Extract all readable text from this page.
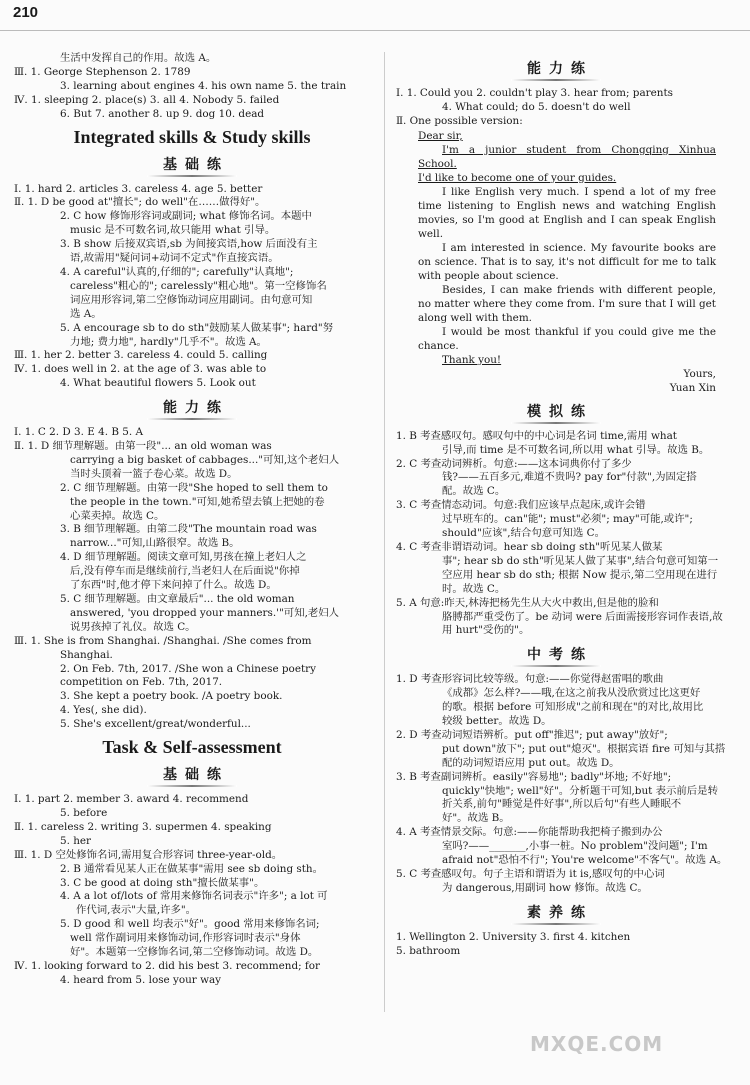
210
生活中发挥自己的作用。故选 A。
Ⅲ. 1. George Stephenson 2. 1789
3. learning about engines 4. his own name 5. the train
Ⅳ. 1. sleeping 2. place(s) 3. all 4. Nobody 5. failed
6. But 7. another 8. up 9. dog 10. dead
Integrated skills & Study skills
基础练
Ⅰ. 1. hard 2. articles 3. careless 4. age 5. better
Ⅱ. 1. D be good at"擅长"; do well"在……做得好"。
2. C how 修饰形容词或副词; what 修饰名词。本题中
music 是不可数名词,故只能用 what 引导。
3. B show 后接双宾语,sb 为间接宾语,how 后面没有主
语,故需用"疑问词+动词不定式"作直接宾语。
4. A careful"认真的,仔细的"; carefully"认真地";
careless"粗心的"; carelessly"粗心地"。第一空修饰名
词应用形容词,第二空修饰动词应用副词。由句意可知
选 A。
5. A encourage sb to do sth"鼓励某人做某事"; hard"努
力地; 费力地", hardly"几乎不"。故选 A。
Ⅲ. 1. her 2. better 3. careless 4. could 5. calling
Ⅳ. 1. does well in 2. at the age of 3. was able to
4. What beautiful flowers 5. Look out
能力练
Ⅰ. 1. C 2. D 3. E 4. B 5. A
Ⅱ. 1. D 细节理解题。由第一段"... an old woman was
carrying a big basket of cabbages..."可知,这个老妇人
当时头顶着一篮子卷心菜。故选 D。
2. C 细节理解题。由第一段"She hoped to sell them to
the people in the town."可知,她希望去镇上把她的卷
心菜卖掉。故选 C。
3. B 细节理解题。由第二段"The mountain road was
narrow..."可知,山路很窄。故选 B。
4. D 细节理解题。阅读文章可知,男孩在撞上老妇人之
后,没有停车而是继续前行,当老妇人在后面说"你掉
了东西"时,他才停下来问掉了什么。故选 D。
5. C 细节理解题。由文章最后"... the old woman
answered, 'you dropped your manners.'"可知,老妇人
说男孩掉了礼仪。故选 C。
Ⅲ. 1. She is from Shanghai. /Shanghai. /She comes from
Shanghai.
2. On Feb. 7th, 2017. /She won a Chinese poetry
competition on Feb. 7th, 2017.
3. She kept a poetry book. /A poetry book.
4. Yes(, she did).
5. She's excellent/great/wonderful...
Task & Self-assessment
基础练
Ⅰ. 1. part 2. member 3. award 4. recommend
5. before
Ⅱ. 1. careless 2. writing 3. supermen 4. speaking
5. her
Ⅲ. 1. D 空处修饰名词,需用复合形容词 three-year-old。
2. B 通常看见某人正在做某事"需用 see sb doing sth。
3. C be good at doing sth"擅长做某事"。
4. A a lot of/lots of 常用来修饰名词表示"许多"; a lot 可
作代词,表示"大量,许多"。
5. D good 和 well 均表示"好"。good 常用来修饰名词;
well 常作副词用来修饰动词,作形容词时表示"身体
好"。本题第一空修饰名词,第二空修饰动词。故选 D。
Ⅳ. 1. looking forward to 2. did his best 3. recommend; for
4. heard from 5. lose your way
能力练
Ⅰ. 1. Could you 2. couldn't play 3. hear from; parents
4. What could; do 5. doesn't do well
Ⅱ. One possible version:
Dear sir,
I'm a junior student from Chongqing Xinhua School.
I'd like to become one of your guides.
I like English very much. I spend a lot of my free time listening to English news and watching English movies, so I'm good at English and I can speak English well.
I am interested in science. My favourite books are on science. That is to say, it's not difficult for me to talk with people about science.
Besides, I can make friends with different people, no matter where they come from. I'm sure that I will get along well with them.
I would be most thankful if you could give me the chance.
Thank you!
Yours,
Yuan Xin
模拟练
1. B 考查感叹句。感叹句中的中心词是名词 time,需用 what
引导,而 time 是不可数名词,所以用 what 引导。故选 B。
2. C 考查动词辨析。句意:——这本词典你付了多少
钱?——五百多元,难道不贵吗? pay for"付款",为固定搭
配。故选 C。
3. C 考查情态动词。句意:我们应该早点起床,或许会错
过早班车的。can"能"; must"必须"; may"可能,或许";
should"应该",结合句意可知选 C。
4. C 考查非谓语动词。hear sb doing sth"听见某人做某
事"; hear sb do sth"听见某人做了某事",结合句意可知第一
空应用 hear sb do sth; 根据 Now 提示,第二空用现在进行
时。故选 C。
5. A 句意:昨天,林涛把杨先生从大火中救出,但是他的脸和
胳膊都严重受伤了。be 动词 were 后面需接形容词作表语,故
用 hurt"受伤的"。
中考练
1. D 考查形容词比较等级。句意:——你觉得赵雷唱的歌曲
《成都》怎么样?——哦,在这之前我从没欣赏过比这更好
的歌。根据 before 可知形成"之前和现在"的对比,故用比
较级 better。故选 D。
2. D 考查动词短语辨析。put off"推迟"; put away"放好";
put down"放下"; put out"熄灭"。根据宾语 fire 可知与其搭
配的动词短语应用 put out。故选 D。
3. B 考查副词辨析。easily"容易地"; badly"坏地; 不好地";
quickly"快地"; well"好"。分析题干可知,but 表示前后是转
折关系,前句"睡觉是件好事",所以后句"有些人睡眠不
好"。故选 B。
4. A 考查情景交际。句意:——你能帮助我把椅子搬到办公
室吗?——_______,小事一桩。No problem"没问题"; I'm
afraid not"恐怕不行"; You're welcome"不客气"。故选 A。
5. C 考查感叹句。句子主语和谓语为 it is,感叹句的中心词
为 dangerous,用副词 how 修饰。故选 C。
素养练
1. Wellington 2. University 3. first 4. kitchen
5. bathroom
MXQE.COM
